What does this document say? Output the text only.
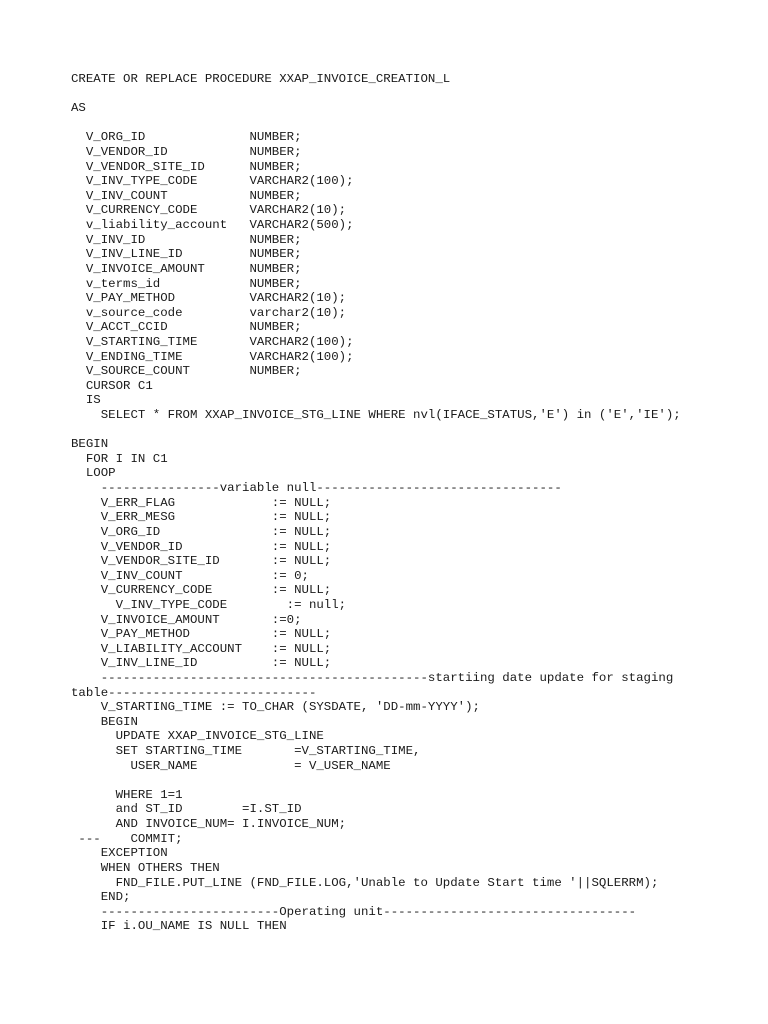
CREATE OR REPLACE PROCEDURE XXAP_INVOICE_CREATION_L
AS
V_ORG_ID              NUMBER;
V_VENDOR_ID           NUMBER;
V_VENDOR_SITE_ID      NUMBER;
V_INV_TYPE_CODE       VARCHAR2(100);
V_INV_COUNT           NUMBER;
V_CURRENCY_CODE       VARCHAR2(10);
v_liability_account   VARCHAR2(500);
V_INV_ID              NUMBER;
V_INV_LINE_ID         NUMBER;
V_INVOICE_AMOUNT      NUMBER;
v_terms_id            NUMBER;
V_PAY_METHOD          VARCHAR2(10);
v_source_code         varchar2(10);
V_ACCT_CCID           NUMBER;
V_STARTING_TIME       VARCHAR2(100);
V_ENDING_TIME         VARCHAR2(100);
V_SOURCE_COUNT        NUMBER;
CURSOR C1
IS
SELECT * FROM XXAP_INVOICE_STG_LINE WHERE nvl(IFACE_STATUS,'E') in ('E','IE');
BEGIN
FOR I IN C1
LOOP
----------------variable null---------------------------------
V_ERR_FLAG             := NULL;
V_ERR_MESG             := NULL;
V_ORG_ID               := NULL;
V_VENDOR_ID            := NULL;
V_VENDOR_SITE_ID       := NULL;
V_INV_COUNT            := 0;
V_CURRENCY_CODE        := NULL;
V_INV_TYPE_CODE        := null;
V_INVOICE_AMOUNT       :=0;
V_PAY_METHOD           := NULL;
V_LIABILITY_ACCOUNT    := NULL;
V_INV_LINE_ID          := NULL;
--------------------------------------------startiing date update for staging
table----------------------------
V_STARTING_TIME := TO_CHAR (SYSDATE, 'DD-mm-YYYY');
BEGIN
UPDATE XXAP_INVOICE_STG_LINE
SET STARTING_TIME       =V_STARTING_TIME,
USER_NAME             = V_USER_NAME
WHERE 1=1
and ST_ID        =I.ST_ID
AND INVOICE_NUM= I.INVOICE_NUM;
---    COMMIT;
EXCEPTION
WHEN OTHERS THEN
FND_FILE.PUT_LINE (FND_FILE.LOG,'Unable to Update Start time '||SQLERRM);
END;
------------------------Operating unit----------------------------------
IF i.OU_NAME IS NULL THEN
